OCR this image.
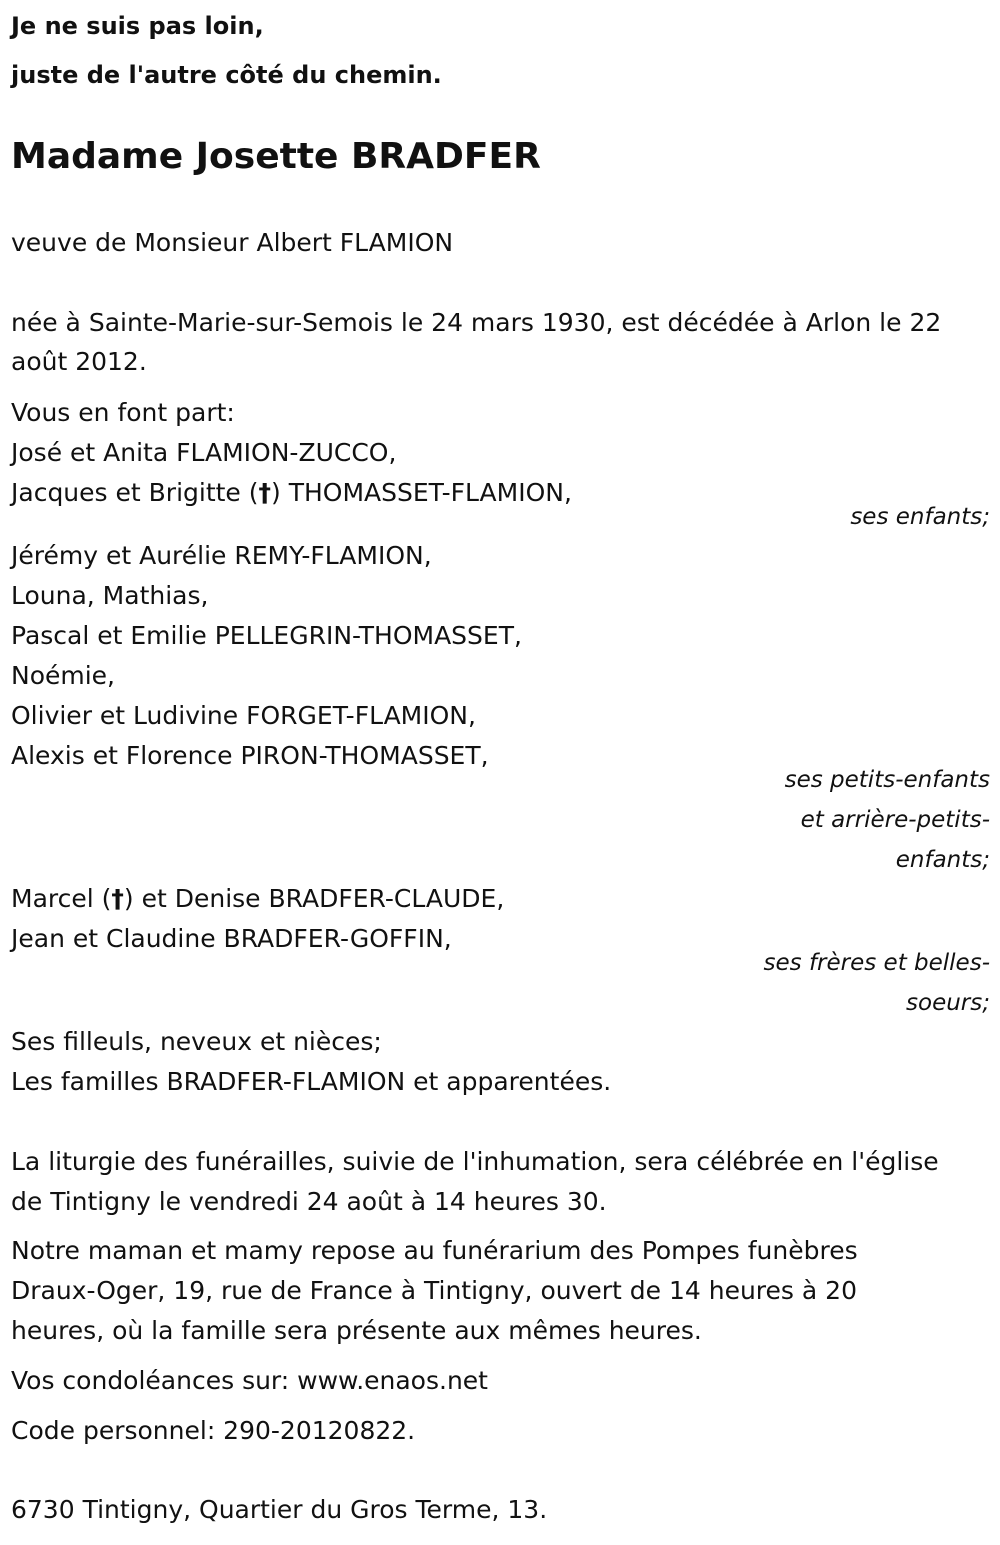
Je ne suis pas loin,
juste de l'autre côté du chemin.
Madame Josette BRADFER
veuve de Monsieur Albert FLAMION
née à Sainte-Marie-sur-Semois le 24 mars 1930, est décédée à Arlon le 22
août 2012.
Vous en font part:
José et Anita FLAMION-ZUCCO,
Jacques et Brigitte (†) THOMASSET-FLAMION,
ses enfants;
Jérémy et Aurélie REMY-FLAMION,
Louna, Mathias,
Pascal et Emilie PELLEGRIN-THOMASSET,
Noémie,
Olivier et Ludivine FORGET-FLAMION,
Alexis et Florence PIRON-THOMASSET,
ses petits-enfants
et arrière-petits-
enfants;
Marcel (†) et Denise BRADFER-CLAUDE,
Jean et Claudine BRADFER-GOFFIN,
ses frères et belles-
soeurs;
Ses filleuls, neveux et nièces;
Les familles BRADFER-FLAMION et apparentées.
La liturgie des funérailles, suivie de l'inhumation, sera célébrée en l'église
de Tintigny le vendredi 24 août à 14 heures 30.
Notre maman et mamy repose au funérarium des Pompes funèbres
Draux-Oger, 19, rue de France à Tintigny, ouvert de 14 heures à 20
heures, où la famille sera présente aux mêmes heures.
Vos condoléances sur: www.enaos.net
Code personnel: 290-20120822.
6730 Tintigny, Quartier du Gros Terme, 13.
